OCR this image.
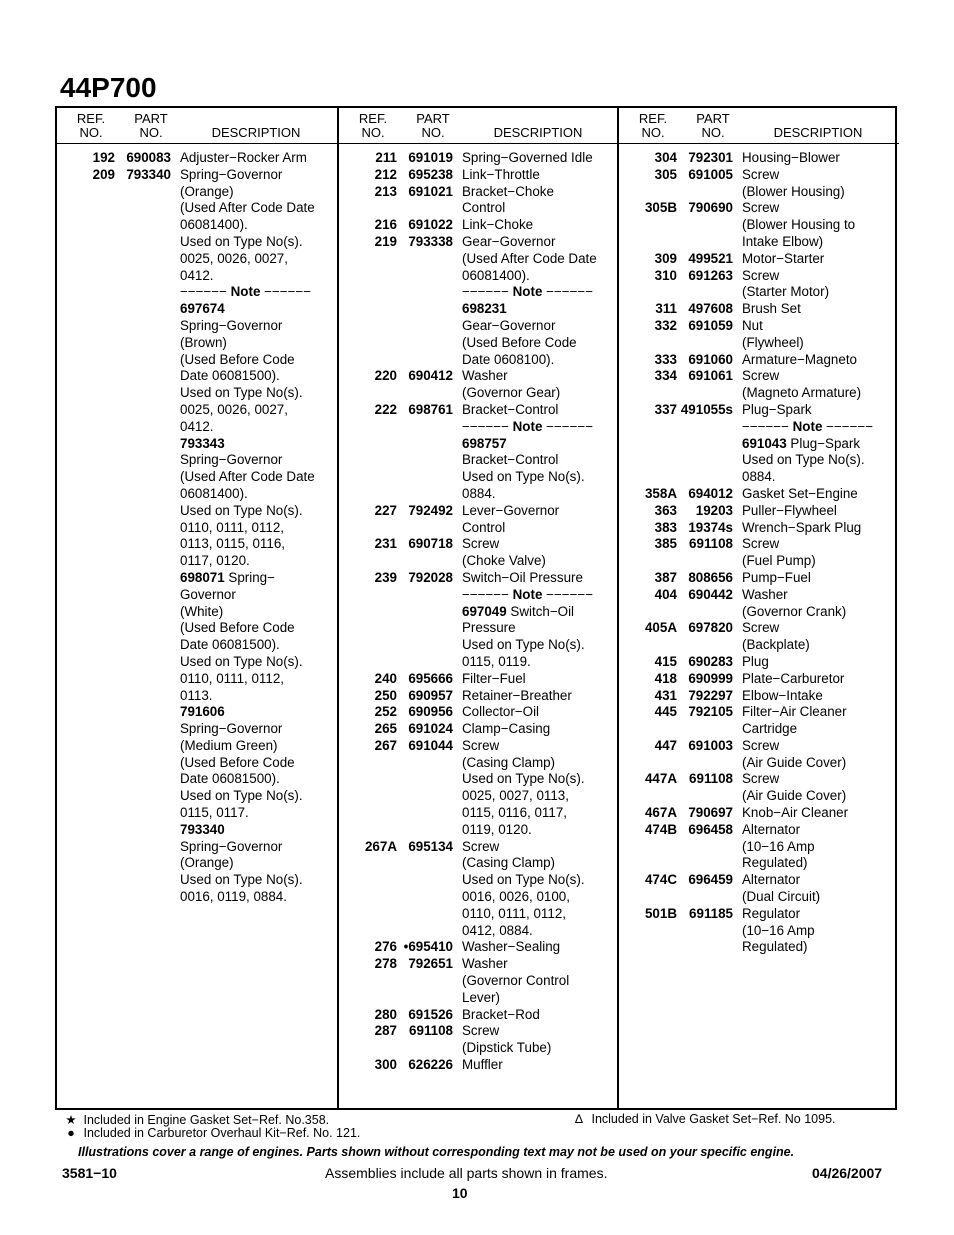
44P700
REF.
NO.
PART
NO.	DESCRIPTION
192 690083 Adjuster−Rocker Arm
209 793340 Spring−Governor
(Orange)
(Used After Code Date
06081400).
Used on Type No(s).
0025, 0026, 0027,
0412.
−−−−−− Note −−−−−−
697674
Spring−Governor
(Brown)
(Used Before Code
Date 06081500).
Used on Type No(s).
0025, 0026, 0027,
0412.
793343
Spring−Governor
(Used After Code Date
06081400).
Used on Type No(s).
0110, 0111, 0112,
0113, 0115, 0116,
0117, 0120.
698071 Spring−
Governor
(White)
(Used Before Code
Date 06081500).
Used on Type No(s).
0110, 0111, 0112,
0113.
791606
Spring−Governor
(Medium Green)
(Used Before Code
Date 06081500).
Used on Type No(s).
0115, 0117.
793340
Spring−Governor
(Orange)
Used on Type No(s).
0016, 0119, 0884.
REF.
NO.
PART
NO.	DESCRIPTION
211 691019 Spring−Governed Idle
212 695238 Link−Throttle
213 691021 Bracket−Choke
Control
216 691022 Link−Choke
219 793338 Gear−Governor
(Used After Code Date
06081400).
−−−−−− Note −−−−−−
698231
Gear−Governor
(Used Before Code
Date 0608100).
220 690412 Washer
(Governor Gear)
222 698761 Bracket−Control
−−−−−− Note −−−−−−
698757
Bracket−Control
Used on Type No(s).
0884.
227 792492 Lever−Governor
Control
231 690718 Screw
(Choke Valve)
239 792028 Switch−Oil Pressure
−−−−−− Note −−−−−−
697049 Switch−Oil
Pressure
Used on Type No(s).
0115, 0119.
240 695666 Filter−Fuel
250 690957 Retainer−Breather
252 690956 Collector−Oil
265 691024 Clamp−Casing
267 691044 Screw
(Casing Clamp)
Used on Type No(s).
0025, 0027, 0113,
0115, 0116, 0117,
0119, 0120.
267A 695134 Screw
(Casing Clamp)
Used on Type No(s).
0016, 0026, 0100,
0110, 0111, 0112,
0412, 0884.
276 •695410 Washer−Sealing
278 792651 Washer
(Governor Control
Lever)
280 691526 Bracket−Rod
287 691108 Screw
(Dipstick Tube)
300 626226 Muffler
REF.
NO.
PART
NO.	DESCRIPTION
304 792301 Housing−Blower
305 691005 Screw
(Blower Housing)
305B 790690 Screw
(Blower Housing to
Intake Elbow)
309 499521 Motor−Starter
310 691263 Screw
(Starter Motor)
311 497608 Brush Set
332 691059 Nut
(Flywheel)
333 691060 Armature−Magneto
334 691061 Screw
(Magneto Armature)
337 491055s Plug−Spark
−−−−−− Note −−−−−−
691043 Plug−Spark
Used on Type No(s).
0884.
358A 694012 Gasket Set−Engine
363	19203 Puller−Flywheel
383 19374s Wrench−Spark Plug
385 691108 Screw
(Fuel Pump)
387 808656 Pump−Fuel
404 690442 Washer
(Governor Crank)
405A 697820 Screw
(Backplate)
415 690283 Plug
418 690999 Plate−Carburetor
431 792297 Elbow−Intake
445 792105 Filter−Air Cleaner
Cartridge
447 691003 Screw
(Air Guide Cover)
447A 691108 Screw
(Air Guide Cover)
467A 790697 Knob−Air Cleaner
474B 696458 Alternator
(10−16 Amp
Regulated)
474C 696459 Alternator
(Dual Circuit)
501B 691185 Regulator
(10−16 Amp
Regulated)
★ Included in Engine Gasket Set−Ref. No.358.
● Included in Carburetor Overhaul Kit−Ref. No. 121.
∆ Included in Valve Gasket Set−Ref. No 1095.
Illustrations cover a range of engines. Parts shown without corresponding text may not be used on your specific engine.
3581−10	Assemblies include all parts shown in frames.	04/26/2007
10
